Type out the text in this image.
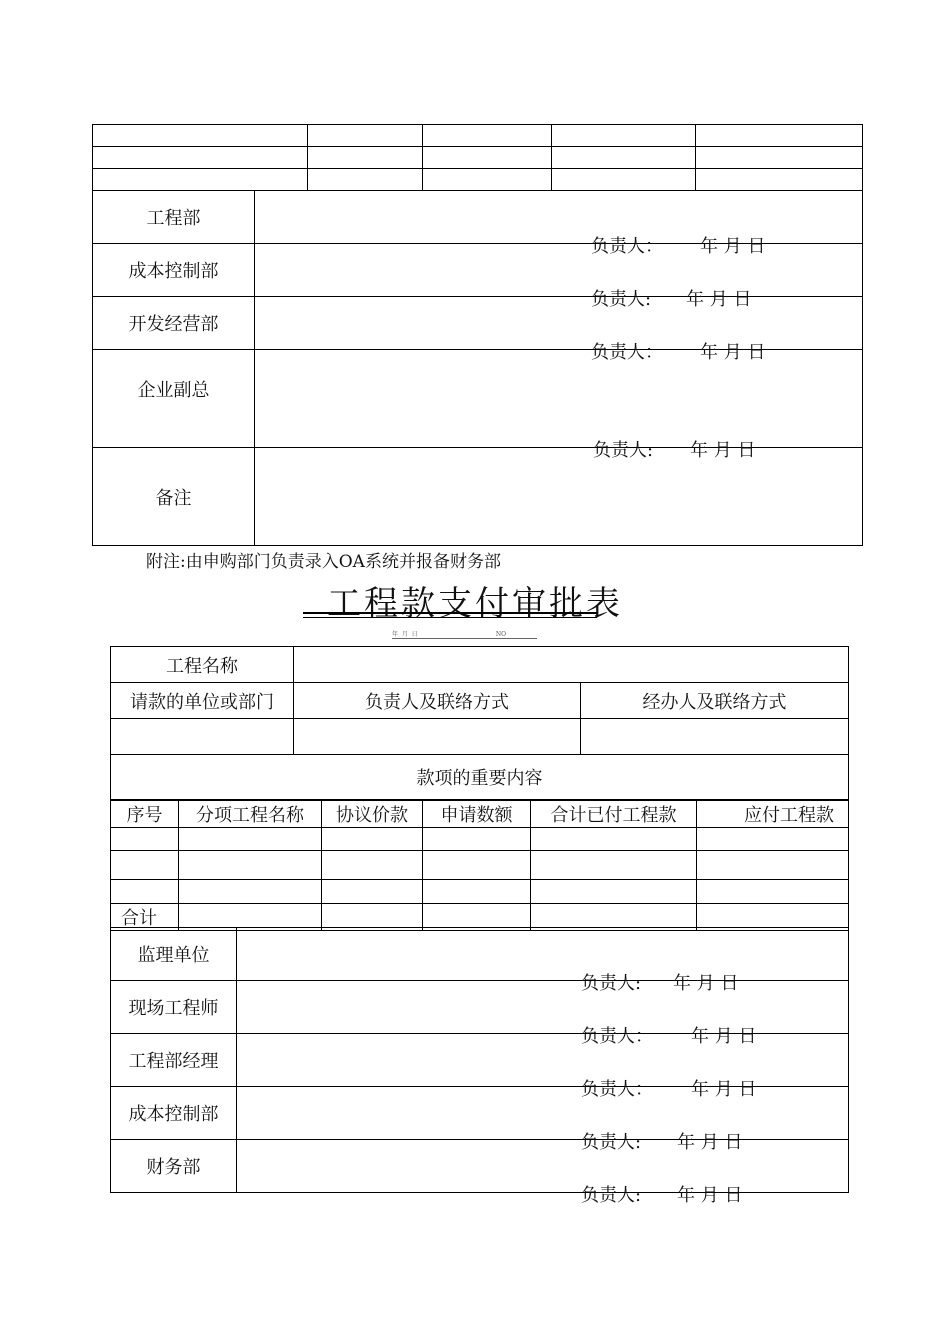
工程部	负责人： 年 月 日

成本控制部	负责人: 年 月 日

开发经营部	负责人： 年 月 日

企业副总	负责人: 年 月 日

备注	
附注:由申购部门负责录入OA系统并报备财务部
工程款支付审批表
年  月  日                                         NO
工程名称		
请款的单位或部门	负责人及联络方式	经办人及联络方式

款项的重要内容		
序号	分项工程名称	协议价款	申请数额	合计已付工程款	应付工程款

合计					
监理单位	负责人: 年 月 日

现场工程师	负责人： 年 月 日

工程部经理	负责人： 年 月 日

成本控制部	负责人: 年 月 日

财务部	负责人: 年 月 日
